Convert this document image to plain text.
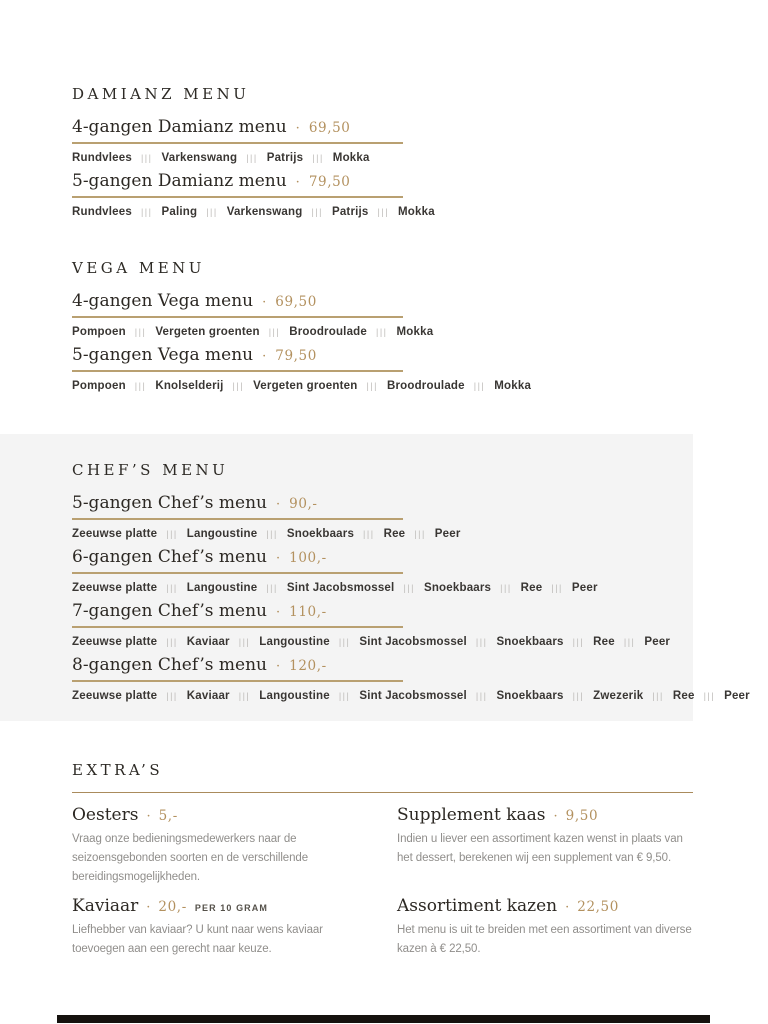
DAMIANZ MENU
4-gangen Damianz menu · 69,50
Rundvlees ||| Varkenswang ||| Patrijs ||| Mokka
5-gangen Damianz menu · 79,50
Rundvlees ||| Paling ||| Varkenswang ||| Patrijs ||| Mokka
VEGA MENU
4-gangen Vega menu · 69,50
Pompoen ||| Vergeten groenten ||| Broodroulade ||| Mokka
5-gangen Vega menu · 79,50
Pompoen ||| Knolselderij ||| Vergeten groenten ||| Broodroulade ||| Mokka
CHEF’S MENU
5-gangen Chef’s menu · 90,-
Zeeuwse platte ||| Langoustine ||| Snoekbaars ||| Ree ||| Peer
6-gangen Chef’s menu · 100,-
Zeeuwse platte ||| Langoustine ||| Sint Jacobsmossel ||| Snoekbaars ||| Ree ||| Peer
7-gangen Chef’s menu · 110,-
Zeeuwse platte ||| Kaviaar ||| Langoustine ||| Sint Jacobsmossel ||| Snoekbaars ||| Ree ||| Peer
8-gangen Chef’s menu · 120,-
Zeeuwse platte ||| Kaviaar ||| Langoustine ||| Sint Jacobsmossel ||| Snoekbaars ||| Zwezerik ||| Ree ||| Peer
EXTRA’S
Oesters · 5,-

Vraag onze bedieningsmedewerkers naar de seizoensgebonden soorten en de verschillende bereidingsmogelijkheden.

Supplement kaas · 9,50

Indien u liever een assortiment kazen wenst in plaats van het dessert, berekenen wij een supplement van € 9,50.

Kaviaar · 20,- PER 10 GRAM

Liefhebber van kaviaar? U kunt naar wens kaviaar toevoegen aan een gerecht naar keuze.

Assortiment kazen · 22,50

Het menu is uit te breiden met een assortiment van diverse kazen à € 22,50.
